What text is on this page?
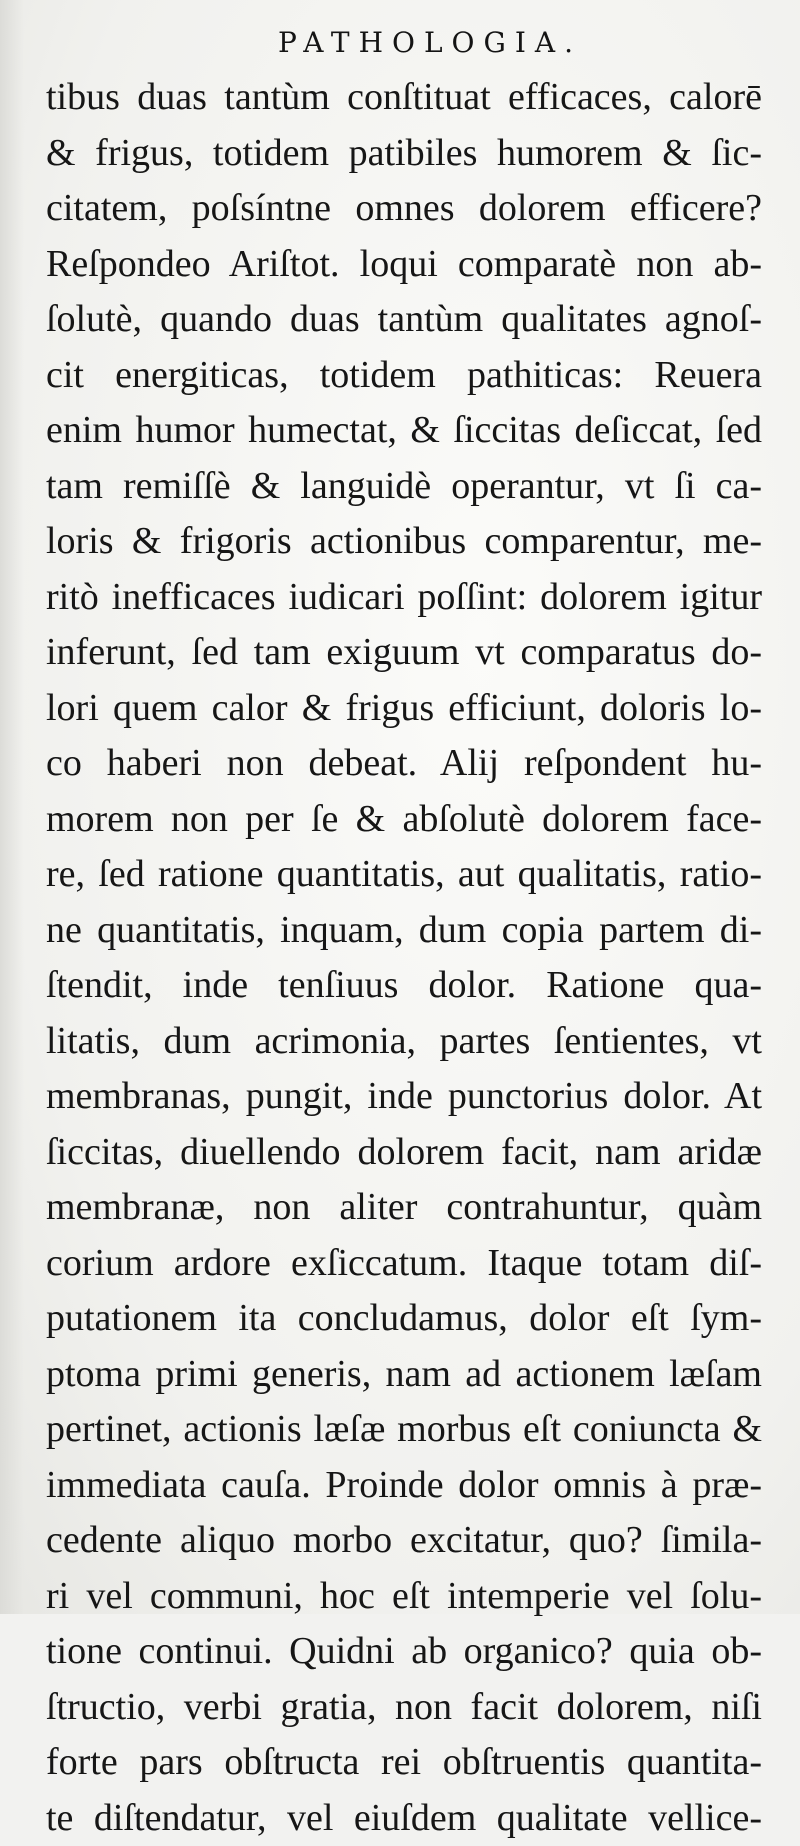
PATHOLOGIA.
tibus duas tantùm conſtituat efficaces, calorē
& frigus, totidem patibiles humorem & ſic-
citatem, poſsíntne omnes dolorem efficere?
Reſpondeo Ariſtot. loqui comparatè non ab-
ſolutè, quando duas tantùm qualitates agnoſ-
cit energiticas, totidem pathiticas: Reuera
enim humor humectat, & ſiccitas deſiccat, ſed
tam remiſſè & languidè operantur, vt ſi ca-
loris & frigoris actionibus comparentur, me-
ritò inefficaces iudicari poſſint: dolorem igitur
inferunt, ſed tam exiguum vt comparatus do-
lori quem calor & frigus efficiunt, doloris lo-
co haberi non debeat. Alij reſpondent hu-
morem non per ſe & abſolutè dolorem face-
re, ſed ratione quantitatis, aut qualitatis, ratio-
ne quantitatis, inquam, dum copia partem di-
ſtendit, inde tenſiuus dolor. Ratione qua-
litatis, dum acrimonia, partes ſentientes, vt
membranas, pungit, inde punctorius dolor. At
ſiccitas, diuellendo dolorem facit, nam aridæ
membranæ, non aliter contrahuntur, quàm
corium ardore exſiccatum. Itaque totam diſ-
putationem ita concludamus, dolor eſt ſym-
ptoma primi generis, nam ad actionem læſam
pertinet, actionis læſæ morbus eſt coniuncta &
immediata cauſa. Proinde dolor omnis à præ-
cedente aliquo morbo excitatur, quo? ſimila-
ri vel communi, hoc eſt intemperie vel ſolu-
tione continui. Quidni ab organico? quia ob-
ſtructio, verbi gratia, non facit dolorem, niſi
forte pars obſtructa rei obſtruentis quantita-
te diſtendatur, vel eiuſdem qualitate vellice-
